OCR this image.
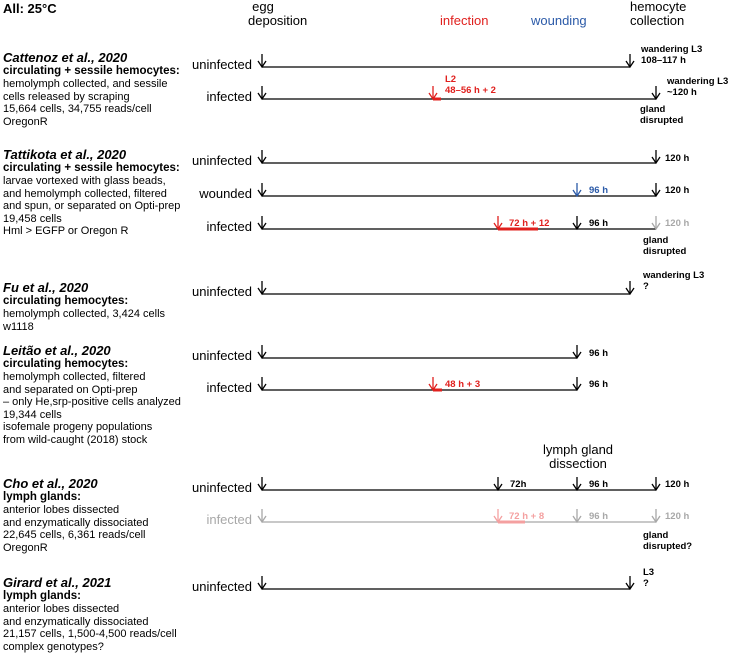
All: 25°C	egg
deposition	infection	wounding
hemocyte
collection
Cattenoz et al., 2020
circulating + sessile hemocytes:
hemolymph collected, and sessile
cells released by scraping
15,664 cells, 34,755 reads/cell
OregonR
uninfected
wandering L3
108–117 h
infected
L2
48–56 h + 2
wandering L3
~120 h
gland
disrupted
Tattikota et al., 2020
circulating + sessile hemocytes:
larvae vortexed with glass beads,
and hemolymph collected, filtered
and spun, or separated on Opti-prep
19,458 cells
Hml > EGFP or Oregon R
uninfected	120 h
wounded	96 h	120 h
infected	72 h + 12	96 h	120 h
gland
disrupted
Fu et al., 2020
circulating hemocytes:
hemolymph collected, 3,424 cells
w1118
uninfected
wandering L3
?
Leitão et al., 2020
circulating hemocytes:
hemolymph collected, filtered
and separated on Opti-prep
– only He,srp-positive cells analyzed
19,344 cells
isofemale progeny populations
from wild-caught (2018) stock
uninfected	96 h
infected	48 h + 3	96 h
lymph gland
dissection
Cho et al., 2020
lymph glands:
anterior lobes dissected
and enzymatically dissociated
22,645 cells, 6,361 reads/cell
OregonR
uninfected	72h	96 h	120 h
infected	72 h + 8	96 h	120 h
gland
disrupted?
Girard et al., 2021
lymph glands:
anterior lobes dissected
and enzymatically dissociated
21,157 cells, 1,500-4,500 reads/cell
complex genotypes?
uninfected
L3
?
